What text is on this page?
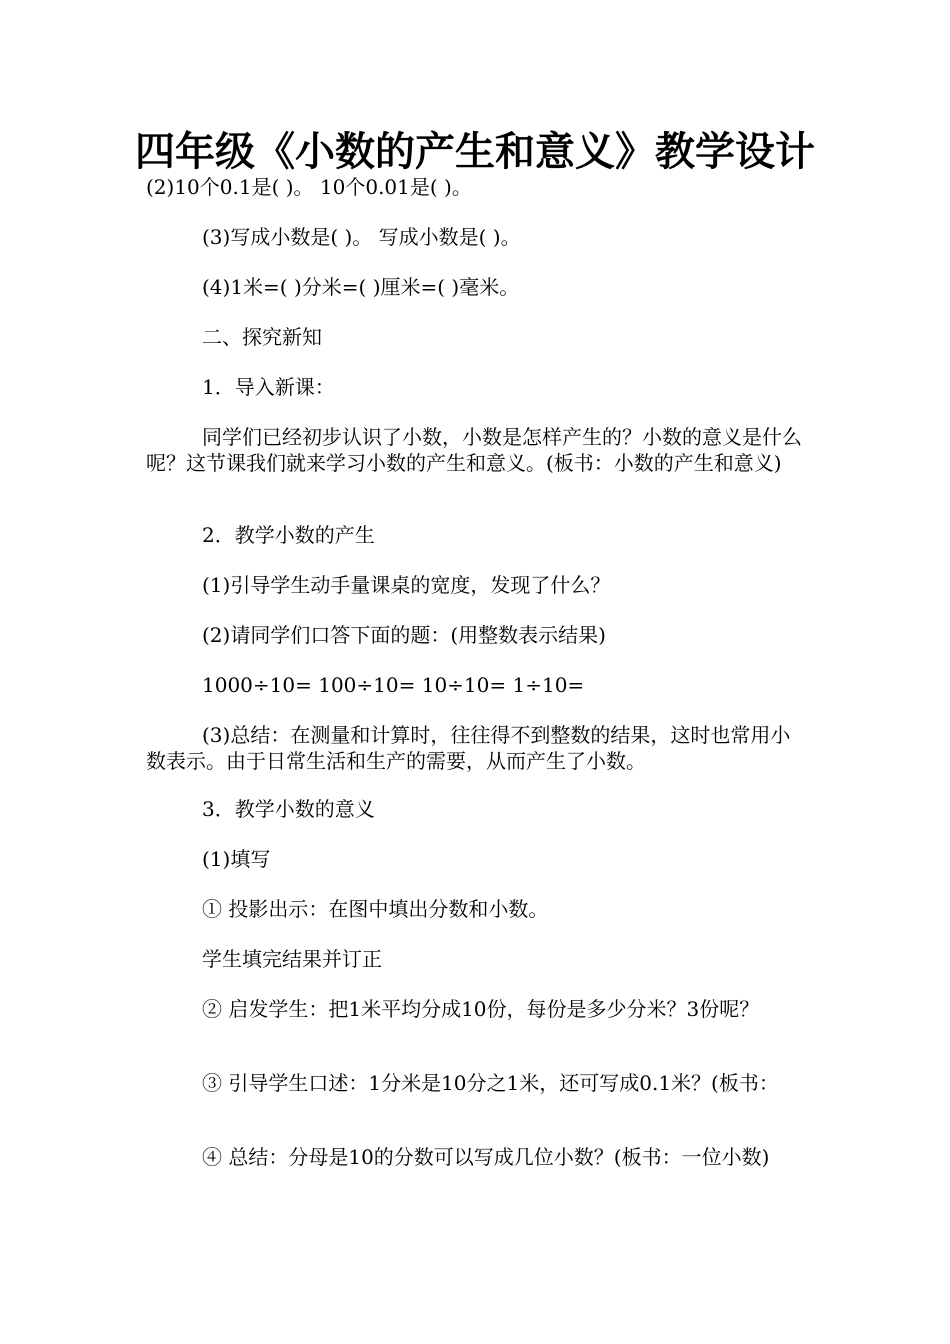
四年级《小数的产生和意义》教学设计

(2)10个0.1是( )。 10个0.01是( )。

(3)写成小数是( )。 写成小数是( )。

(4)1米=( )分米=( )厘米=( )毫米。

二、探究新知

1．导入新课：

同学们已经初步认识了小数，小数是怎样产生的？小数的意义是什么呢？这节课我们就来学习小数的产生和意义。(板书：小数的产生和意义)

2．教学小数的产生

(1)引导学生动手量课桌的宽度，发现了什么？

(2)请同学们口答下面的题：(用整数表示结果)

1000÷10= 100÷10= 10÷10= 1÷10=

(3)总结：在测量和计算时，往往得不到整数的结果，这时也常用小数表示。由于日常生活和生产的需要，从而产生了小数。

3．教学小数的意义

(1)填写

① 投影出示：在图中填出分数和小数。

学生填完结果并订正

② 启发学生：把1米平均分成10份，每份是多少分米？3份呢？

③ 引导学生口述：1分米是10分之1米，还可写成0.1米？(板书：

④ 总结：分母是10的分数可以写成几位小数？(板书：一位小数)
